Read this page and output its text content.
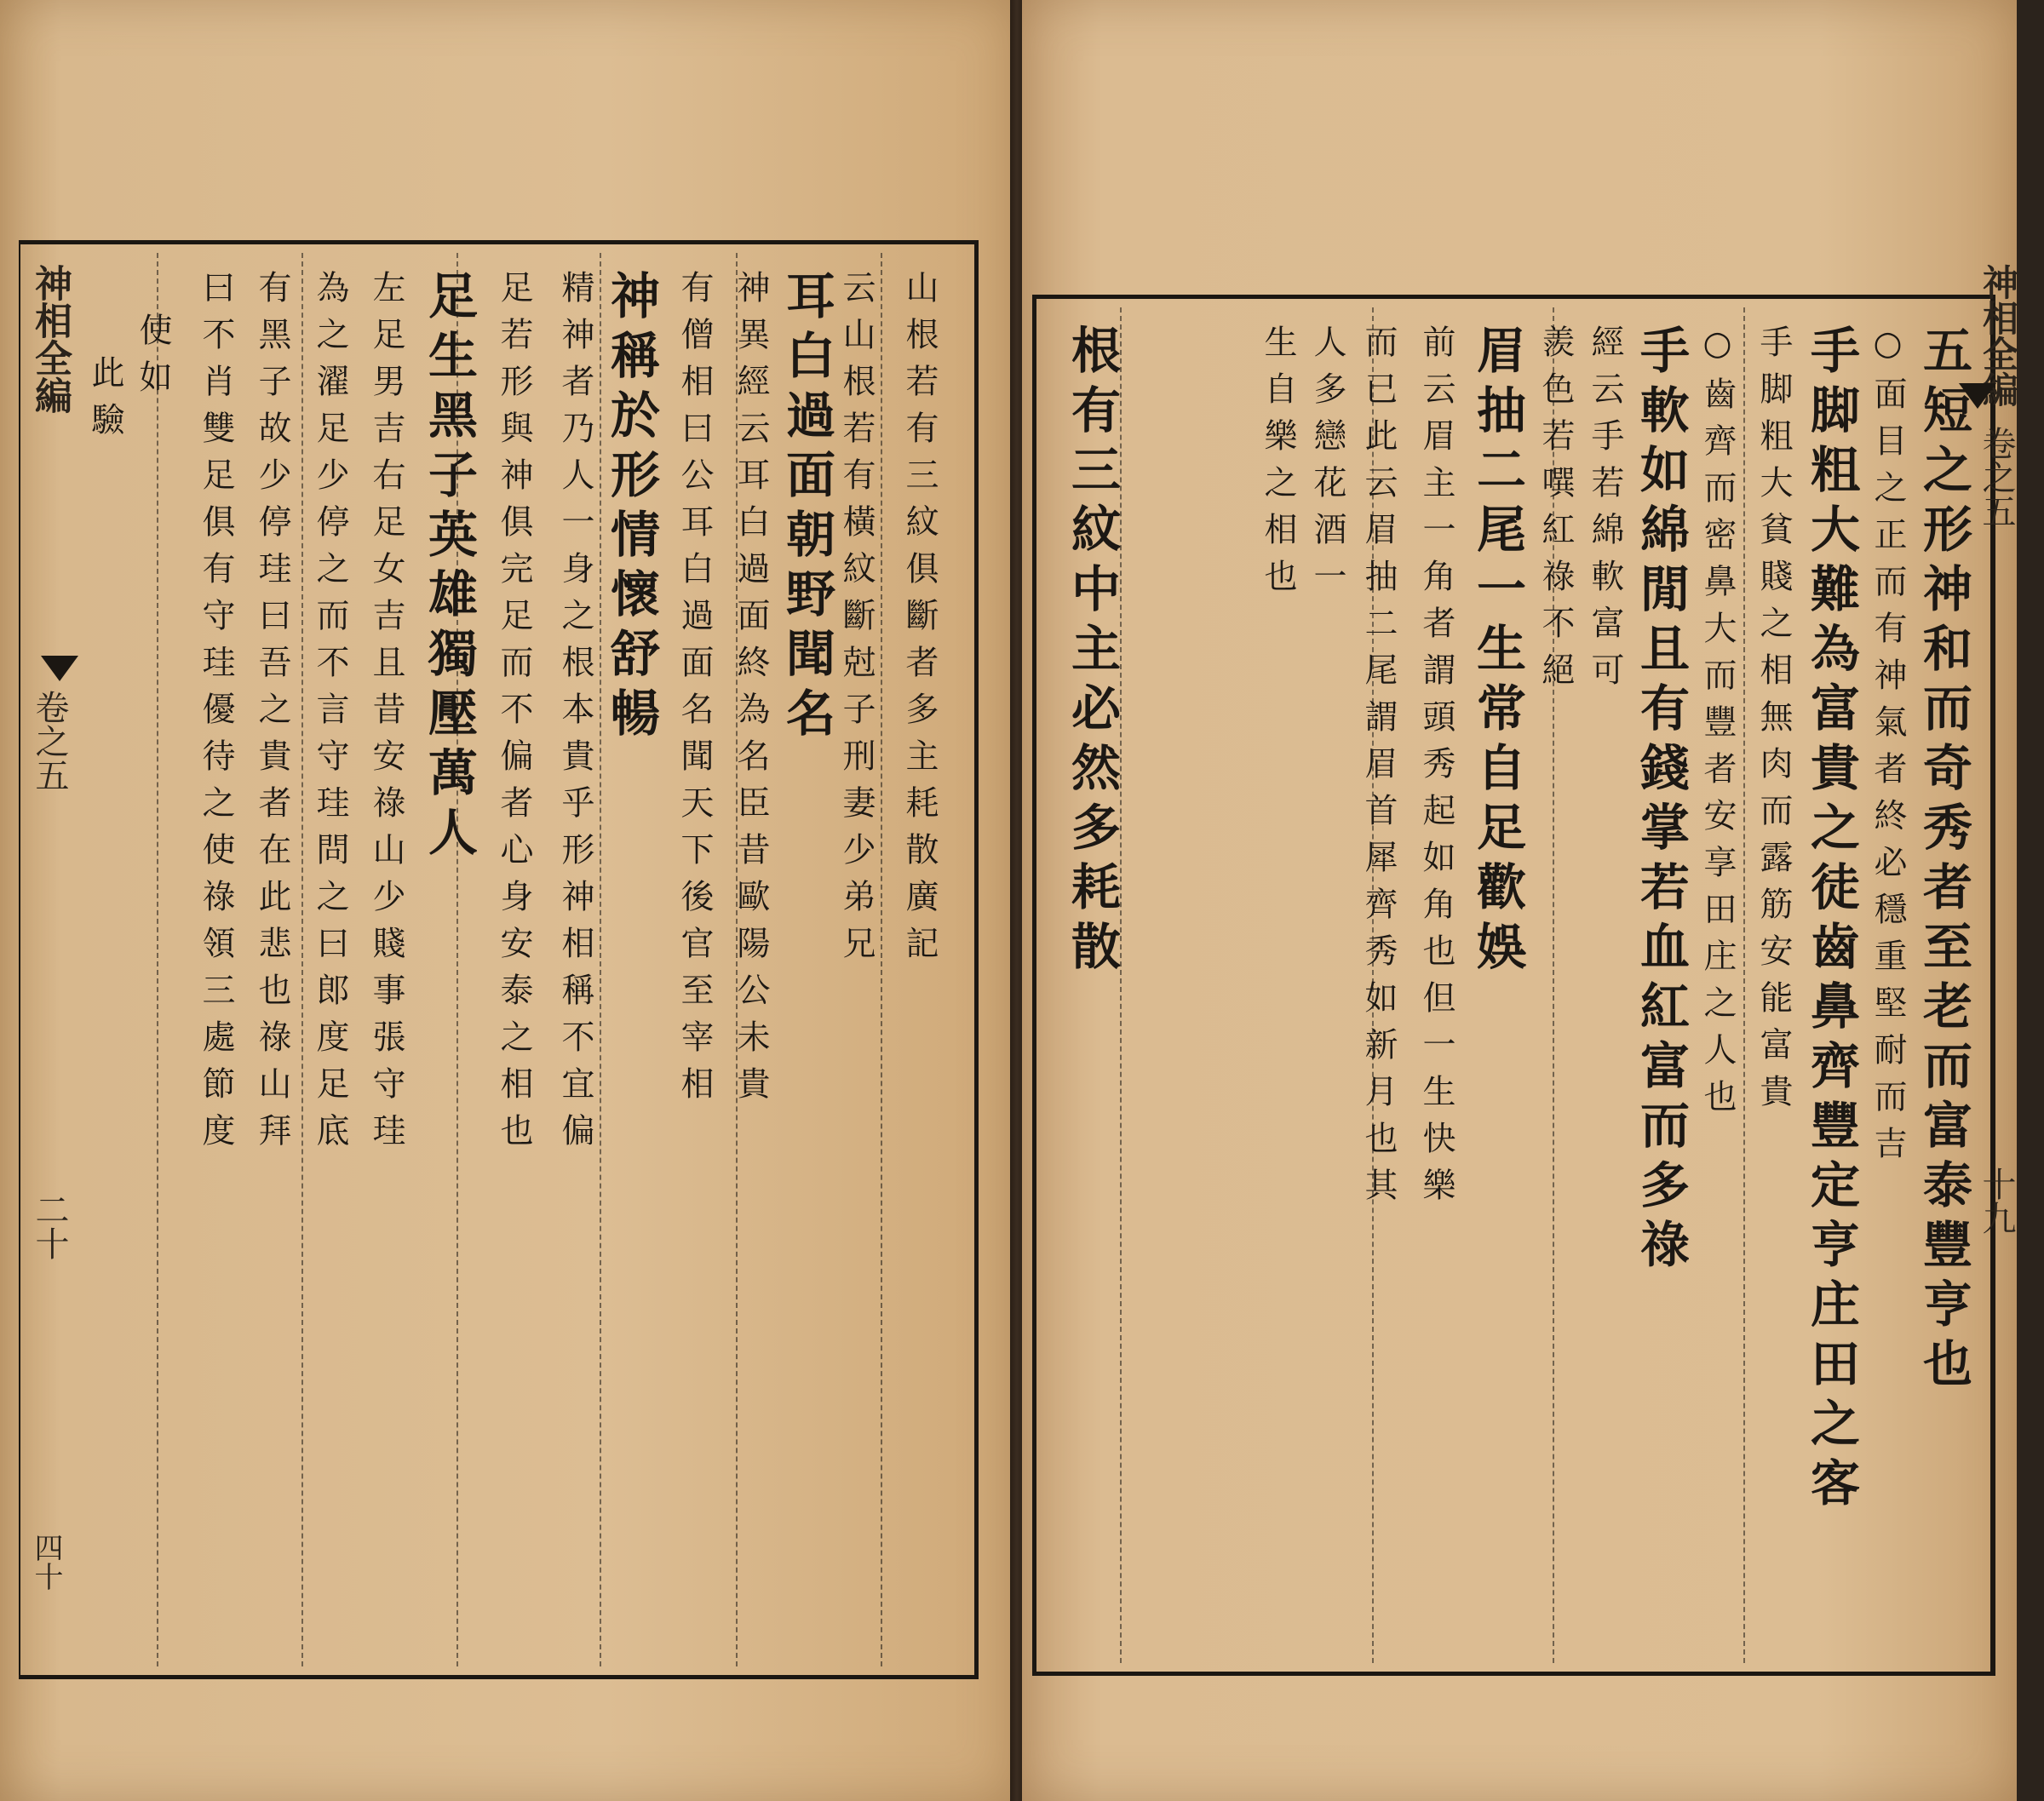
山根若有三紋俱斷者多主耗散廣記
云山根若有橫紋斷尅子刑妻少弟兄
耳白過面朝野聞名
神異經云耳白過面終為名臣昔歐陽公未貴
有僧相曰公耳白過面名聞天下後官至宰相
神稱於形情懷舒暢
精神者乃人一身之根本貴乎形神相稱不宜偏
足若形與神俱完足而不偏者心身安泰之相也
足生黑子英雄獨壓萬人
左足男吉右足女吉且昔安祿山少賤事張守珪
為之濯足少停之而不言守珪問之曰郎度足底
有黑子故少停珪曰吾之貴者在此悲也祿山拜
曰不肖雙足俱有守珪優待之使祿領三處節度
使如
此驗
神相全編
卷之五
二十
四十
五短之形神和而奇秀者至老而富泰豐亨也
○面目之正而有神氣者終必穩重堅耐而吉
手脚粗大難為富貴之徒齒鼻齊豐定亨庄田之客
手脚粗大貧賤之相無肉而露筋安能富貴
○齒齊而密鼻大而豐者安享田庄之人也
手軟如綿閒且有錢掌若血紅富而多祿
經云手若綿軟富可
羨色若噀紅祿不絕
眉抽二尾一生常自足歡娛
前云眉主一角者謂頭秀起如角也但一生快樂
而已此云眉抽二尾謂眉首犀齊秀如新月也其
人多戀花酒一
生自樂之相也
根有三紋中主必然多耗散	神相全編
卷之五
十九
